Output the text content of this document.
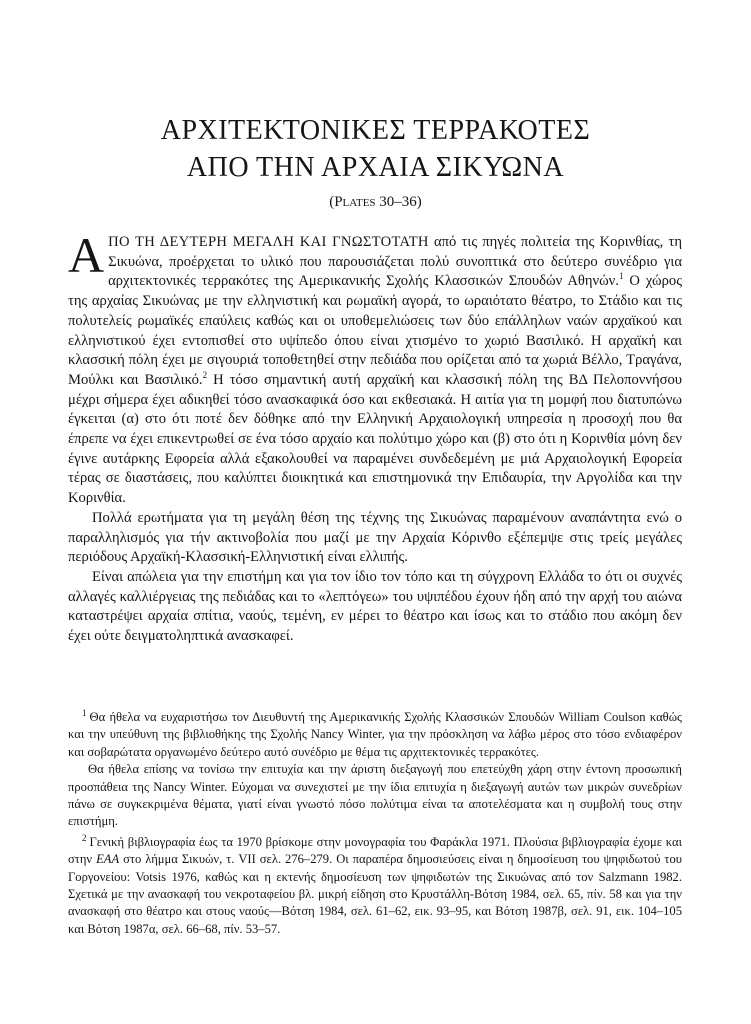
ΑΡΧΙΤΕΚΤΟΝΙΚΕΣ ΤΕΡΡΑΚΟΤΕΣ
ΑΠΟ ΤΗΝ ΑΡΧΑΙΑ ΣΙΚΥΩΝΑ
(Plates 30–36)

ΑΠΟ ΤΗ ΔΕΥΤΕΡΗ ΜΕΓΑΛΗ ΚΑΙ ΓΝΩΣΤΟΤΑΤΗ από τις πηγές πολιτεία της Κορινθίας, τη Σικυώνα, προέρχεται το υλικό που παρουσιάζεται πολύ συνοπτικά στο δεύτερο συνέδριο για αρχιτεκτονικές τερρακότες της Αμερικανικής Σχολής Κλασσικών Σπουδών Αθηνών.$^1$ Ο χώρος της αρχαίας Σικυώνας με την ελληνιστική και ρωμαϊκή αγορά, το ωραιότατο θέατρο, το Στάδιο και τις πολυτελείς ρωμαϊκές επαύλεις καθώς και οι υποθεμελιώσεις των δύο επάλληλων ναών αρχαϊκού και ελληνιστικού έχει εντοπισθεί στο υψίπεδο όπου είναι χτισμένο το χωριό Βασιλικό. Η αρχαϊκή και κλασσική πόλη έχει με σιγουριά τοποθετηθεί στην πεδιάδα που ορίζεται από τα χωριά Βέλλο, Τραγάνα, Μούλκι και Βασιλικό.$^2$ Η τόσο σημαντική αυτή αρχαϊκή και κλασσική πόλη της ΒΔ Πελοποννήσου μέχρι σήμερα έχει αδικηθεί τόσο ανασκαφικά όσο και εκθεσιακά. Η αιτία για τη μομφή που διατυπώνω έγκειται (α) στο ότι ποτέ δεν δόθηκε από την Ελληνική Αρχαιολογική υπηρεσία η προσοχή που θα έπρεπε να έχει επικεντρωθεί σε ένα τόσο αρχαίο και πολύτιμο χώρο και (β) στο ότι η Κορινθία μόνη δεν έγινε αυτάρκης Εφορεία αλλά εξακολουθεί να παραμένει συνδεδεμένη με μιά Αρχαιολογική Εφορεία τέρας σε διαστάσεις, που καλύπτει διοικητικά και επιστημονικά την Επιδαυρία, την Αργολίδα και την Κορινθία.

Πολλά ερωτήματα για τη μεγάλη θέση της τέχνης της Σικυώνας παραμένουν αναπάντητα ενώ ο παραλληλισμός για τήν ακτινοβολία που μαζί με την Αρχαία Κόρινθο εξέπεμψε στις τρείς μεγάλες περιόδους Αρχαϊκή-Κλασσική-Ελληνιστική είναι ελλιπής.

Είναι απώλεια για την επιστήμη και για τον ίδιο τον τόπο και τη σύγχρονη Ελλάδα το ότι οι συχνές αλλαγές καλλιέργειας της πεδιάδας και το «λεπτόγεω» του υψιπέδου έχουν ήδη από την αρχή του αιώνα καταστρέψει αρχαία σπίτια, ναούς, τεμένη, εν μέρει το θέατρο και ίσως και το στάδιο που ακόμη δεν έχει ούτε δειγματοληπτικά ανασκαφεί.

$^1$ Θα ήθελα να ευχαριστήσω τον Διευθυντή της Αμερικανικής Σχολής Κλασσικών Σπουδών William Coulson καθώς και την υπεύθυνη της βιβλιοθήκης της Σχολής Nancy Winter, για την πρόσκληση να λάβω μέρος στο τόσο ενδιαφέρον και σοβαρώτατα οργανωμένο δεύτερο αυτό συνέδριο με θέμα τις αρχιτεκτονικές τερρακότες.

Θα ήθελα επίσης να τονίσω την επιτυχία και την άριστη διεξαγωγή που επετεύχθη χάρη στην έντονη προσωπική προσπάθεια της Nancy Winter. Εύχομαι να συνεχιστεί με την ίδια επιτυχία η διεξαγωγή αυτών των μικρών συνεδρίων πάνω σε συγκεκριμένα θέματα, γιατί είναι γνωστό πόσο πολύτιμα είναι τα αποτελέσματα και η συμβολή τους στην επιστήμη.

$^2$ Γενική βιβλιογραφία έως τα 1970 βρίσκομε στην μονογραφία του Φαράκλα 1971. Πλούσια βιβλιογραφία έχομε και στην ΕΑΑ στο λήμμα Σικυών, τ. VII σελ. 276–279. Οι παραπέρα δημοσιεύσεις είναι η δημοσίευση του ψηφιδωτού του Γοργονείου: Votsis 1976, καθώς και η εκτενής δημοσίευση των ψηφιδωτών της Σικυώνας από τον Salzmann 1982. Σχετικά με την ανασκαφή του νεκροταφείου βλ. μικρή είδηση στο Κρυστάλλη-Βότση 1984, σελ. 65, πίν. 58 και για την ανασκαφή στο θέατρο και στους ναούς—Βότση 1984, σελ. 61–62, εικ. 93–95, και Βότση 1987β, σελ. 91, εικ. 104–105 και Βότση 1987α, σελ. 66–68, πίν. 53–57.
